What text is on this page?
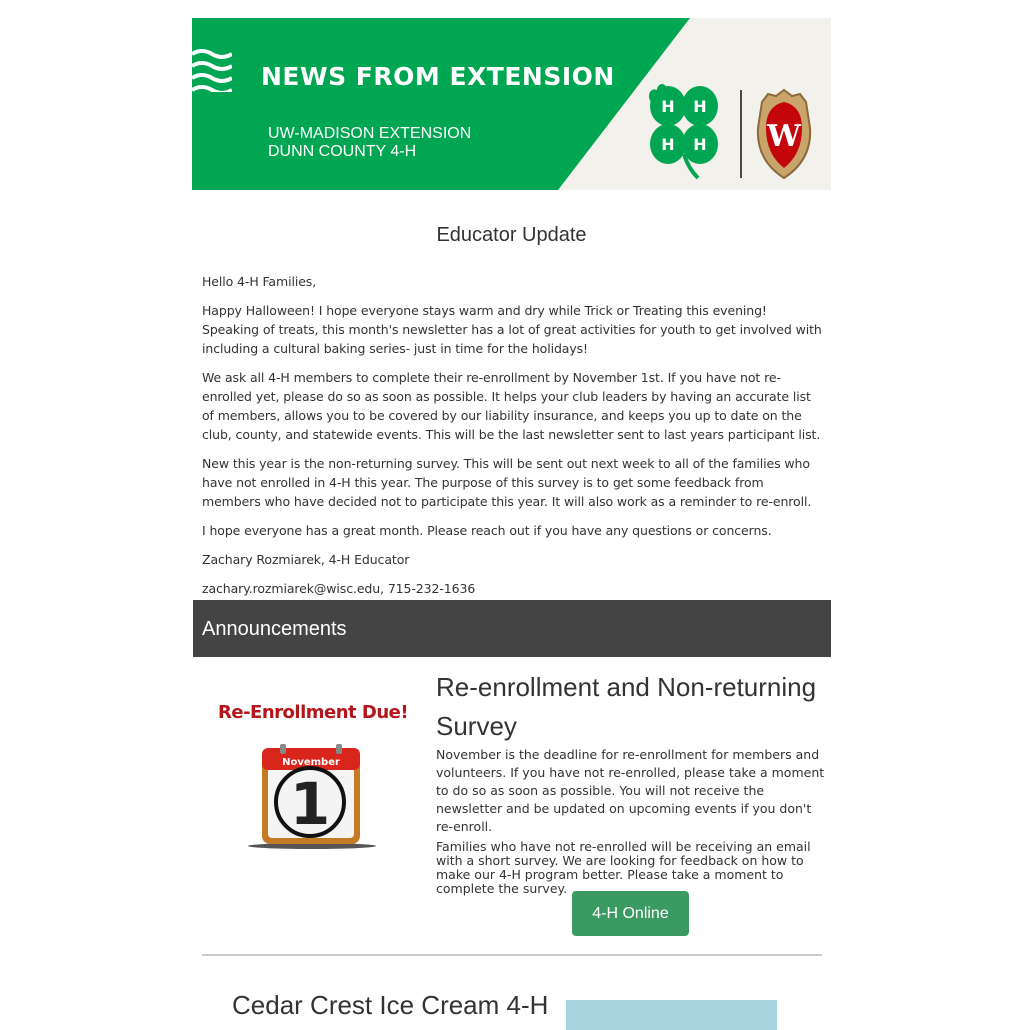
NEWS FROM EXTENSION
UW-MADISON EXTENSION
DUNN COUNTY 4-H
H H
H H W
Educator Update

Hello 4-H Families,

Happy Halloween! I hope everyone stays warm and dry while Trick or Treating this evening! Speaking of treats, this month's newsletter has a lot of great activities for youth to get involved with including a cultural baking series- just in time for the holidays!

We ask all 4-H members to complete their re-enrollment by November 1st. If you have not re-enrolled yet, please do so as soon as possible. It helps your club leaders by having an accurate list of members, allows you to be covered by our liability insurance, and keeps you up to date on the club, county, and statewide events. This will be the last newsletter sent to last years participant list.

New this year is the non-returning survey. This will be sent out next week to all of the families who have not enrolled in 4-H this year. The purpose of this survey is to get some feedback from members who have decided not to participate this year. It will also work as a reminder to re-enroll.

I hope everyone has a great month. Please reach out if you have any questions or concerns.

Zachary Rozmiarek, 4-H Educator

zachary.rozmiarek@wisc.edu, 715-232-1636

Announcements
Re-Enrollment Due!
November
1
Re-enrollment and Non-returning Survey
November is the deadline for re-enrollment for members and volunteers. If you have not re-enrolled, please take a moment to do so as soon as possible. You will not receive the newsletter and be updated on upcoming events if you don't re-enroll.
Families who have not re-enrolled will be receiving an email with a short survey. We are looking for feedback on how to make our 4-H program better. Please take a moment to complete the survey.
4-H Online
Cedar Crest Ice Cream 4-H
